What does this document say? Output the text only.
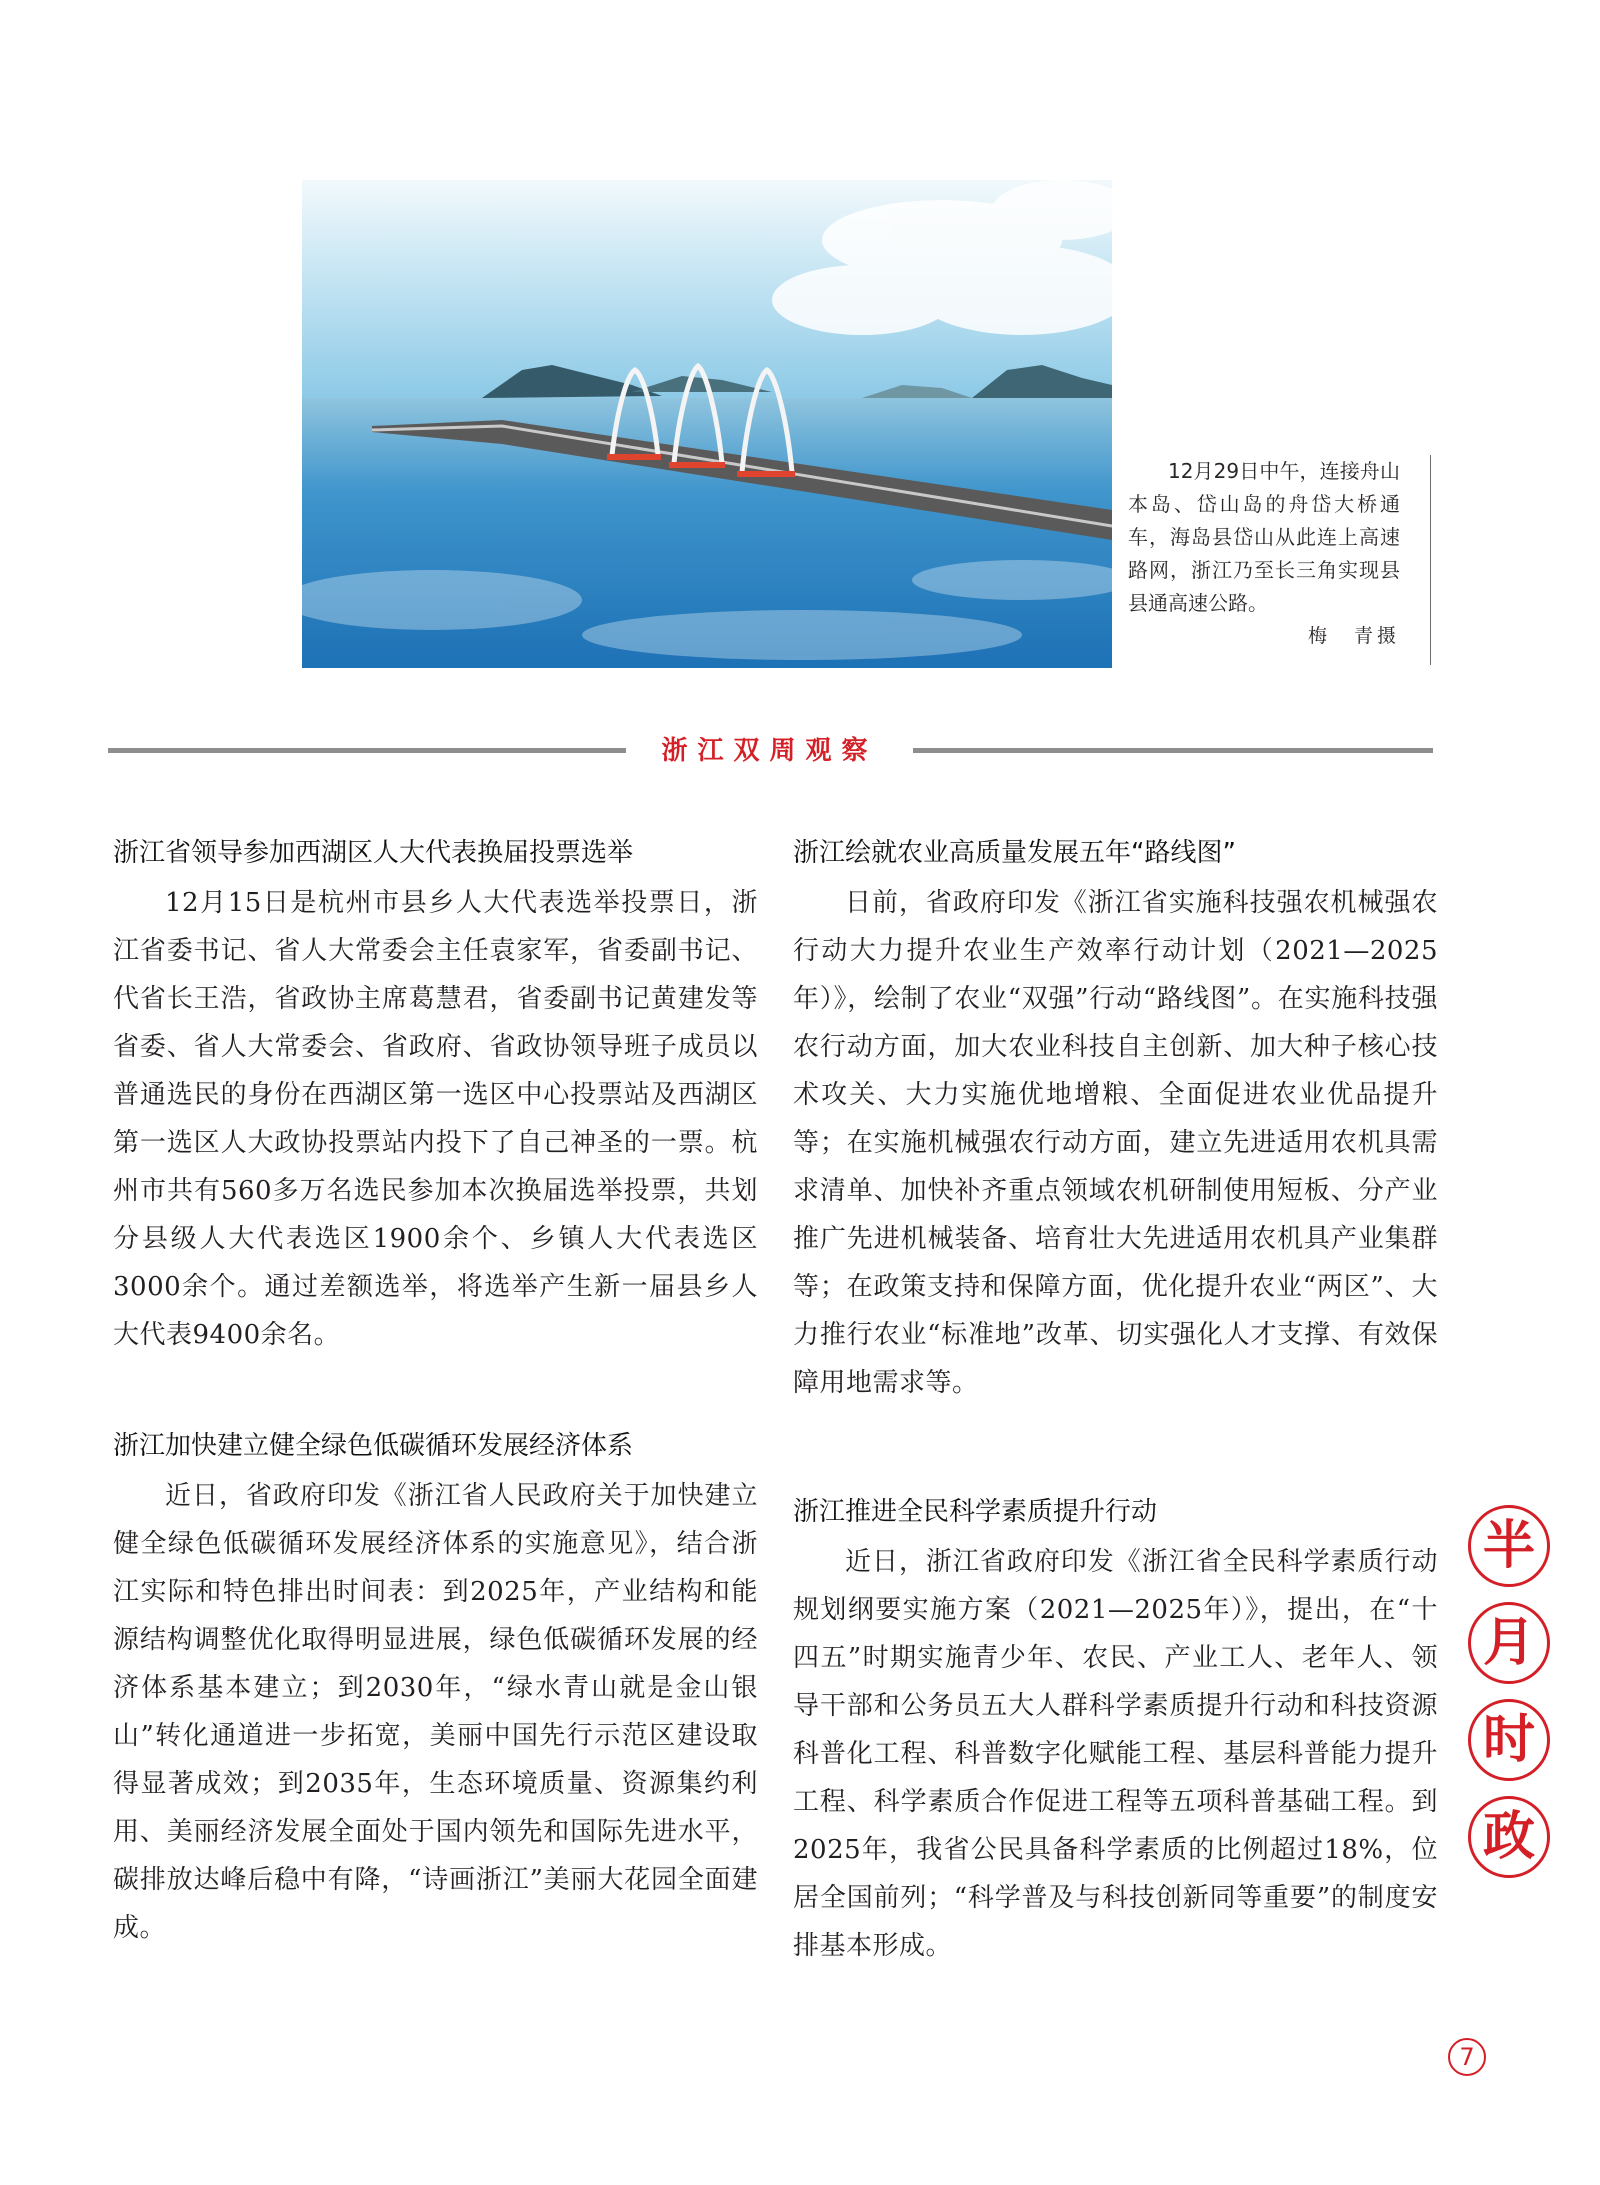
12月29日中午，连接舟山本岛、岱山岛的舟岱大桥通车，海岛县岱山从此连上高速路网，浙江乃至长三角实现县县通高速公路。

梅　青摄

浙江双周观察
浙江省领导参加西湖区人大代表换届投票选举

12月15日是杭州市县乡人大代表选举投票日，浙江省委书记、省人大常委会主任袁家军，省委副书记、代省长王浩，省政协主席葛慧君，省委副书记黄建发等省委、省人大常委会、省政府、省政协领导班子成员以普通选民的身份在西湖区第一选区中心投票站及西湖区第一选区人大政协投票站内投下了自己神圣的一票。杭州市共有560多万名选民参加本次换届选举投票，共划分县级人大代表选区1900余个、乡镇人大代表选区3000余个。通过差额选举，将选举产生新一届县乡人大代表9400余名。

浙江加快建立健全绿色低碳循环发展经济体系

近日，省政府印发《浙江省人民政府关于加快建立健全绿色低碳循环发展经济体系的实施意见》，结合浙江实际和特色排出时间表：到2025年，产业结构和能源结构调整优化取得明显进展，绿色低碳循环发展的经济体系基本建立；到2030年，“绿水青山就是金山银山”转化通道进一步拓宽，美丽中国先行示范区建设取得显著成效；到2035年，生态环境质量、资源集约利用、美丽经济发展全面处于国内领先和国际先进水平，碳排放达峰后稳中有降，“诗画浙江”美丽大花园全面建成。

浙江绘就农业高质量发展五年“路线图”

日前，省政府印发《浙江省实施科技强农机械强农行动大力提升农业生产效率行动计划（2021—2025年）》，绘制了农业“双强”行动“路线图”。在实施科技强农行动方面，加大农业科技自主创新、加大种子核心技术攻关、大力实施优地增粮、全面促进农业优品提升等；在实施机械强农行动方面，建立先进适用农机具需求清单、加快补齐重点领域农机研制使用短板、分产业推广先进机械装备、培育壮大先进适用农机具产业集群等；在政策支持和保障方面，优化提升农业“两区”、大力推行农业“标准地”改革、切实强化人才支撑、有效保障用地需求等。

浙江推进全民科学素质提升行动

近日，浙江省政府印发《浙江省全民科学素质行动规划纲要实施方案（2021—2025年）》，提出，在“十四五”时期实施青少年、农民、产业工人、老年人、领导干部和公务员五大人群科学素质提升行动和科技资源科普化工程、科普数字化赋能工程、基层科普能力提升工程、科学素质合作促进工程等五项科普基础工程。到2025年，我省公民具备科学素质的比例超过18%，位居全国前列；“科学普及与科技创新同等重要”的制度安排基本形成。

半
月
时
政
7
